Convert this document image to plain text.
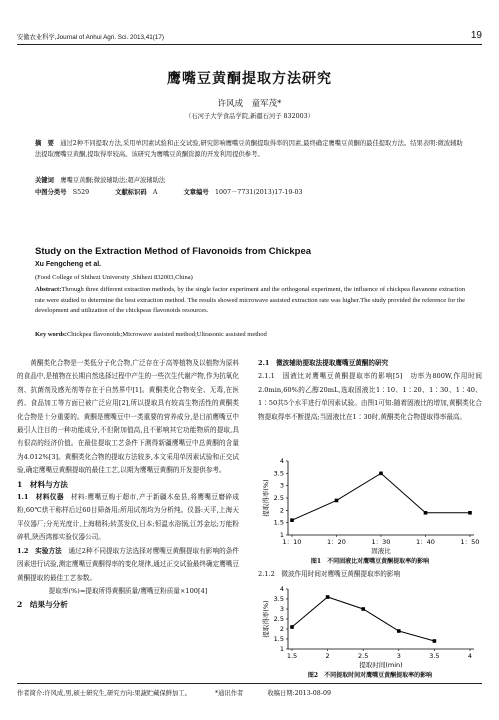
安徽农业科学,Journal of Anhui Agri. Sci. 2013,41(17)	19
鹰嘴豆黄酮提取方法研究
许风成　童军茂*
（石河子大学食品学院,新疆石河子 832003）
摘　要　 通过2种不同提取方法,采用单因素试验和正交试验,研究影响鹰嘴豆黄酮提取得率的因素,最终确定鹰嘴豆黄酮的最佳提取方法。结果表明:微波辅助法提取鹰嘴豆黄酮,提取得率较高。该研究为鹰嘴豆黄酮资源的开发利用提供参考。
关键词　 鹰嘴豆黄酮;微波辅助法;超声波辅助法
中图分类号　 S529	文献标识码　 A	文章编号　 1007－7731(2013)17-19-03
Study on the Extraction Method of Flavonoids from Chickpea
Xu Fengcheng et al.
(Food College of Shihezi University ,Shihezi 832003,China)
Abstract:Through three different extraction methods, by the single factor experiment and the orthogonal experiment, the influence of chickpea flavanone extraction rate were studied to determine the best extraction method. The results showed microwave assisted extraction rate was higher.The study provided the reference for the development and utilization of the chickpeas flavonoids resources.
Key words:Chickpea flavonoids;Microwave assisted method;Ultrasonic assisted method
黄酮类化合物是一类低分子化合物,广泛存在于高等植物及以植物为原料的食品中,是植物在长期自然选择过程中产生的一些次生代谢产物,作为抗氧化剂、抗菌剂及感光剂等存在于自然界中[1]。黄酮类化合物安全、无毒,在医药、食品加工等方面已被广泛应用[2],所以提取具有较高生物活性的黄酮类化合物是十分重要的。黄酮是鹰嘴豆中一类重要的营养成分,是目前鹰嘴豆中最引人注目的一种功能成分,不但附加值高,且不影响其它功能物质的提取,具有很高的经济价值。在最佳提取工艺条件下测得新疆鹰嘴豆中总黄酮的含量为4.012%[3]。黄酮类化合物的提取方法较多,本文采用单因素试验和正交试验,确定鹰嘴豆黄酮提取的最佳工艺,以期为鹰嘴豆黄酮的开发提供参考。
1　材料与方法
1.1　材料仪器　 材料:鹰嘴豆购于超市,产于新疆木垒县,将鹰嘴豆磨碎成粉,60℃烘干称样后过60目筛备用;所用试剂均为分析纯。仪器:天平,上海天平仪器厂;分光光度计,上海精科;转蒸发仪,日本;恒温水浴锅,江苏金坛;万能粉碎机,陕西鸿都实验仪器公司。
1.2　实验方法　 通过2种不同提取方法选择对鹰嘴豆黄酮提取有影响的条件因素进行试验,测定鹰嘴豆黄酮得率的变化规律,通过正交试验最终确定鹰嘴豆黄酮提取的最佳工艺参数。
提取率(%)=提取所得黄酮质量/鹰嘴豆粉质量×100[4]
2　结果与分析
2.1　微波辅助提取法提取鹰嘴豆黄酮的研究
2.1.1　固液比对鹰嘴豆黄酮提取率的影响[5]　功率为800W,作用时间2.0min,60%的乙醇20mL,选取固液比1∶10、1∶20、1∶30、1∶40、1∶50共5个水平进行单因素试验。由图1可知:随着固液比的增加,黄酮类化合物提取得率不断提高;当固液比在1∶30时,黄酮类化合物提取得率最高。
1
1.5
2
2.5
3
3.5
4
1：10	1：20	1：30	1：40	1：50
固液比
提取得率(%)
图1　不同固液比对鹰嘴豆黄酮提取率的影响
2.1.2　微波作用时间对鹰嘴豆黄酮提取率的影响
1
1.5
2
2.5
3
3.5
4
1.5	2	2.5	3	3.5	4
提取时间(min)
提取得率(%)
图2　不同提取时间对鹰嘴豆黄酮提取率的影响
作者简介:许风成,男,硕士研究生,研究方向:果蔬贮藏保鲜加工。	*通讯作者	收稿日期:2013-08-09
